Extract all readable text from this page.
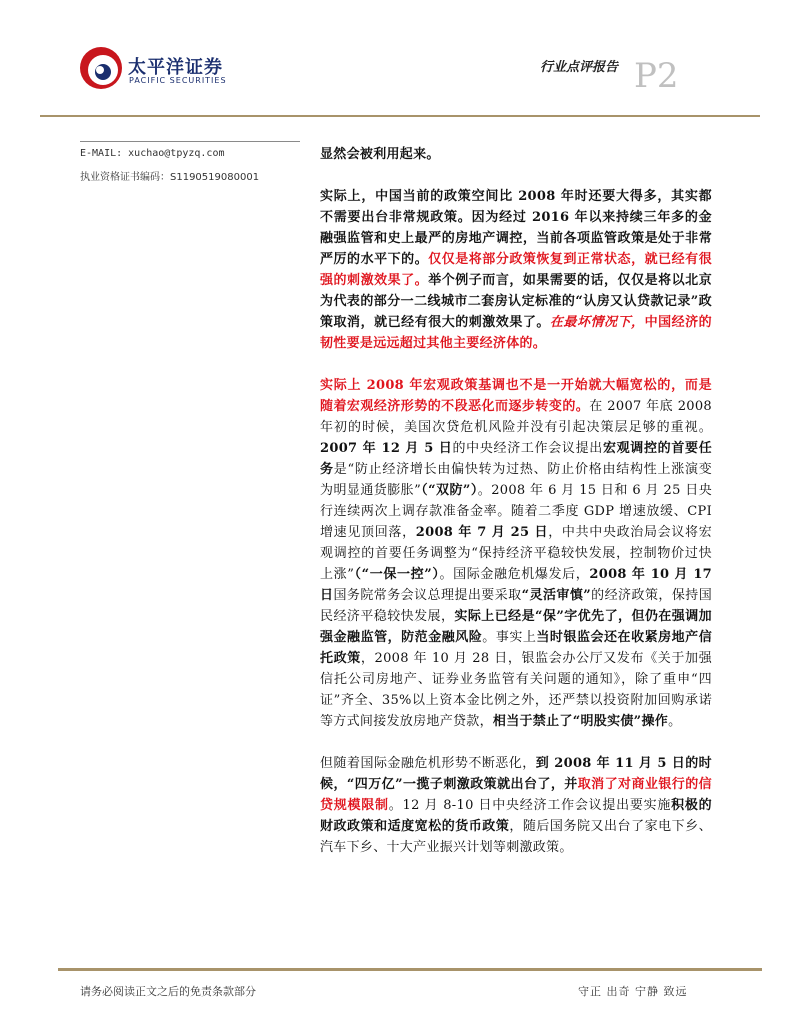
太平洋证券
PACIFIC SECURITIES
行业点评报告 P2
E-MAIL: xuchao@tpyzq.com
执业资格证书编码：S1190519080001

显然会被利用起来。

实际上，中国当前的政策空间比 2008 年时还要大得多，其实都不需要出台非常规政策。因为经过 2016 年以来持续三年多的金融强监管和史上最严的房地产调控，当前各项监管政策是处于非常严厉的水平下的。仅仅是将部分政策恢复到正常状态，就已经有很强的刺激效果了。举个例子而言，如果需要的话，仅仅是将以北京为代表的部分一二线城市二套房认定标准的“认房又认贷款记录”政策取消，就已经有很大的刺激效果了。在最坏情况下，中国经济的韧性要是远远超过其他主要经济体的。

实际上 2008 年宏观政策基调也不是一开始就大幅宽松的，而是随着宏观经济形势的不段恶化而逐步转变的。在 2007 年底 2008 年初的时候，美国次贷危机风险并没有引起决策层足够的重视。2007 年 12 月 5 日的中央经济工作会议提出宏观调控的首要任务是“防止经济增长由偏快转为过热、防止价格由结构性上涨演变为明显通货膨胀”（“双防”）。2008 年 6 月 15 日和 6 月 25 日央行连续两次上调存款准备金率。随着二季度 GDP 增速放缓、CPI 增速见顶回落，2008 年 7 月 25 日，中共中央政治局会议将宏观调控的首要任务调整为“保持经济平稳较快发展，控制物价过快上涨”（“一保一控”）。国际金融危机爆发后，2008 年 10 月 17 日国务院常务会议总理提出要采取“灵活审慎”的经济政策，保持国民经济平稳较快发展，实际上已经是“保”字优先了，但仍在强调加强金融监管，防范金融风险。事实上当时银监会还在收紧房地产信托政策，2008 年 10 月 28 日，银监会办公厅又发布《关于加强信托公司房地产、证券业务监管有关问题的通知》，除了重申“四证”齐全、35%以上资本金比例之外，还严禁以投资附加回购承诺等方式间接发放房地产贷款，相当于禁止了“明股实债”操作。

但随着国际金融危机形势不断恶化，到 2008 年 11 月 5 日的时候，“四万亿”一揽子刺激政策就出台了，并取消了对商业银行的信贷规模限制。12 月 8-10 日中央经济工作会议提出要实施积极的财政政策和适度宽松的货币政策，随后国务院又出台了家电下乡、汽车下乡、十大产业振兴计划等刺激政策。

请务必阅读正文之后的免责条款部分	守正 出奇 宁静 致远
